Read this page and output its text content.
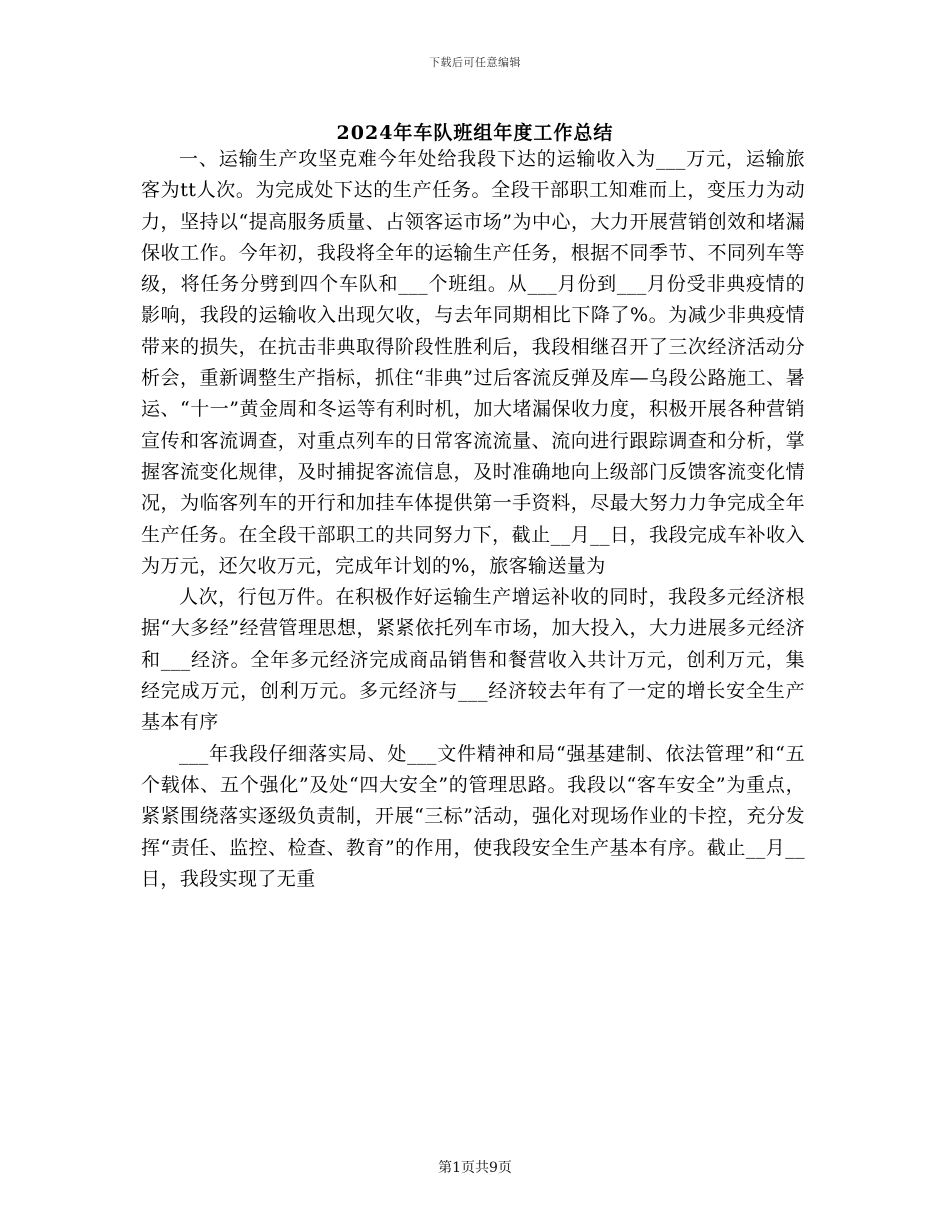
下载后可任意编辑
2024年车队班组年度工作总结

一、运输生产攻坚克难今年处给我段下达的运输收入为___万元，运输旅客为tt人次。为完成处下达的生产任务。全段干部职工知难而上，变压力为动力，坚持以“提高服务质量、占领客运市场”为中心，大力开展营销创效和堵漏保收工作。今年初，我段将全年的运输生产任务，根据不同季节、不同列车等级，将任务分劈到四个车队和___个班组。从___月份到___月份受非典疫情的影响，我段的运输收入出现欠收，与去年同期相比下降了%。为减少非典疫情带来的损失，在抗击非典取得阶段性胜利后，我段相继召开了三次经济活动分析会，重新调整生产指标，抓住“非典”过后客流反弹及库—乌段公路施工、暑运、“十一”黄金周和冬运等有利时机，加大堵漏保收力度，积极开展各种营销宣传和客流调查，对重点列车的日常客流流量、流向进行跟踪调查和分析，掌握客流变化规律，及时捕捉客流信息，及时准确地向上级部门反馈客流变化情况，为临客列车的开行和加挂车体提供第一手资料，尽最大努力力争完成全年生产任务。在全段干部职工的共同努力下，截止__月__日，我段完成车补收入为万元，还欠收万元，完成年计划的%，旅客输送量为

人次，行包万件。在积极作好运输生产增运补收的同时，我段多元经济根据“大多经”经营管理思想，紧紧依托列车市场，加大投入，大力进展多元经济和___经济。全年多元经济完成商品销售和餐营收入共计万元，创利万元，集经完成万元，创利万元。多元经济与___经济较去年有了一定的增长安全生产基本有序

___年我段仔细落实局、处___文件精神和局“强基建制、依法管理”和“五个载体、五个强化”及处“四大安全”的管理思路。我段以“客车安全”为重点，紧紧围绕落实逐级负责制，开展“三标”活动，强化对现场作业的卡控，充分发挥“责任、监控、检查、教育”的作用，使我段安全生产基本有序。截止__月__日，我段实现了无重

第1页共9页
